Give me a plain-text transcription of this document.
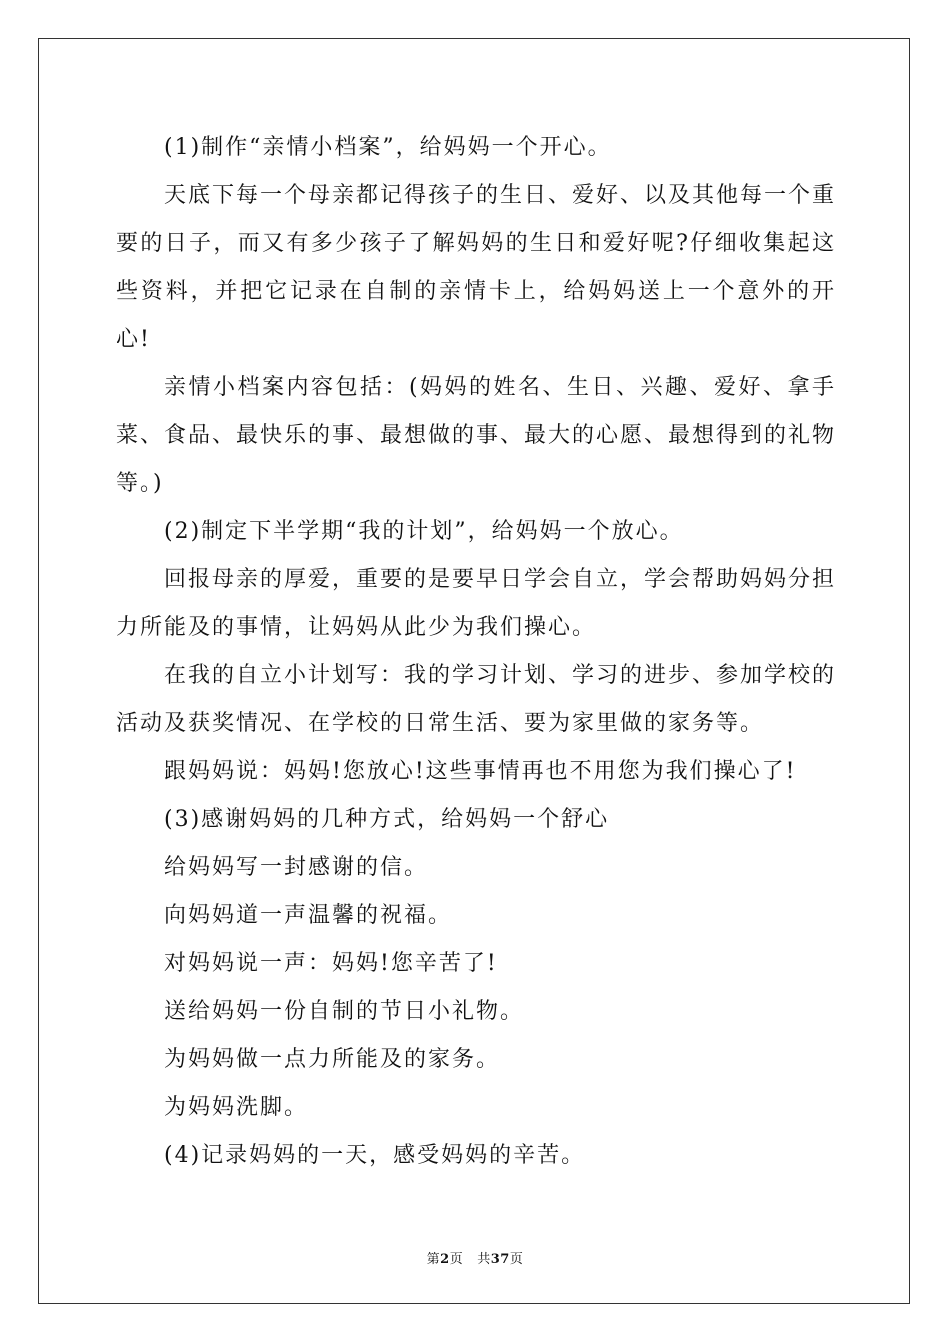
(1)制作“亲情小档案”，给妈妈一个开心。

天底下每一个母亲都记得孩子的生日、爱好、以及其他每一个重要的日子，而又有多少孩子了解妈妈的生日和爱好呢?仔细收集起这些资料，并把它记录在自制的亲情卡上，给妈妈送上一个意外的开心!

亲情小档案内容包括：(妈妈的姓名、生日、兴趣、爱好、拿手菜、食品、最快乐的事、最想做的事、最大的心愿、最想得到的礼物等。)

(2)制定下半学期“我的计划”，给妈妈一个放心。

回报母亲的厚爱，重要的是要早日学会自立，学会帮助妈妈分担力所能及的事情，让妈妈从此少为我们操心。

在我的自立小计划写：我的学习计划、学习的进步、参加学校的活动及获奖情况、在学校的日常生活、要为家里做的家务等。

跟妈妈说：妈妈!您放心!这些事情再也不用您为我们操心了!

(3)感谢妈妈的几种方式，给妈妈一个舒心

给妈妈写一封感谢的信。

向妈妈道一声温馨的祝福。

对妈妈说一声：妈妈!您辛苦了!

送给妈妈一份自制的节日小礼物。

为妈妈做一点力所能及的家务。

为妈妈洗脚。

(4)记录妈妈的一天，感受妈妈的辛苦。

第2页 共37页
